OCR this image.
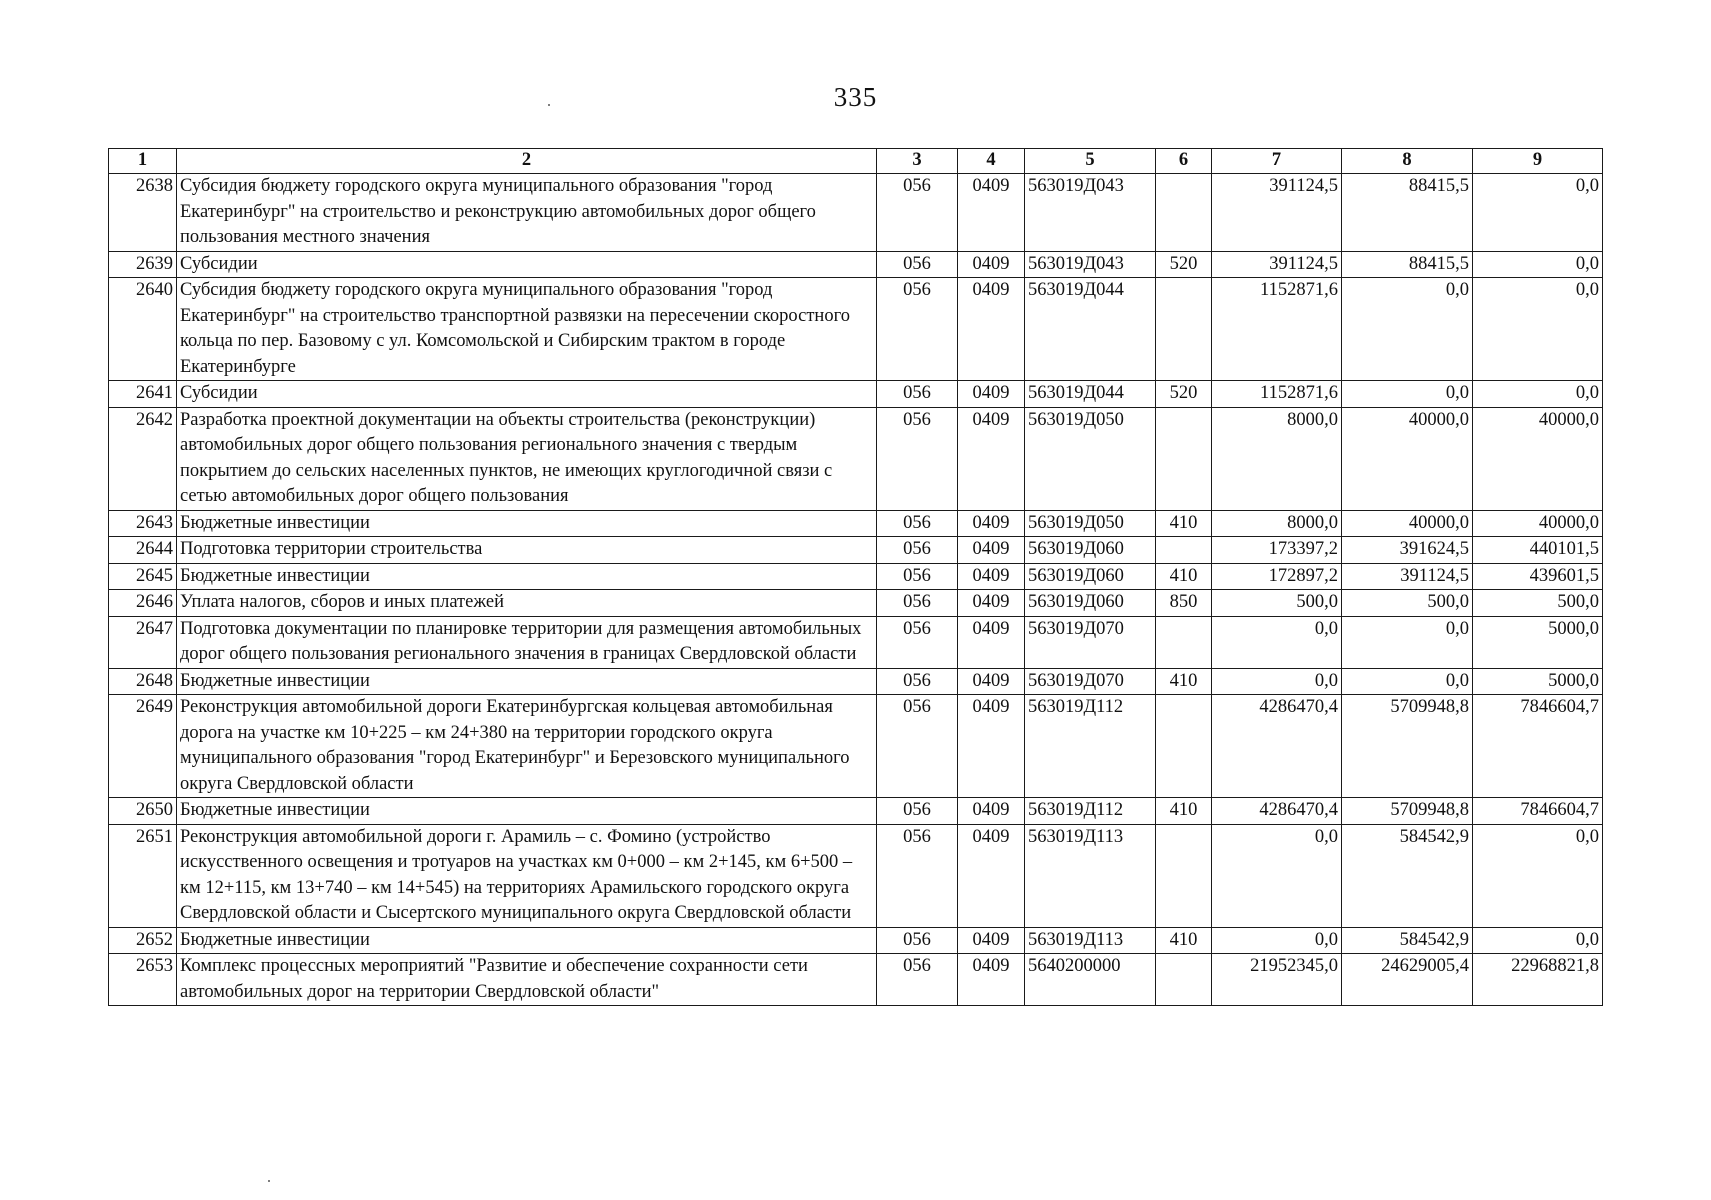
335
1	2	3	4	5	6	7	8	9
2638	Субсидия бюджету городского округа муниципального образования "город Екатеринбург" на строительство и реконструкцию автомобильных дорог общего пользования местного значения	056	0409	563019Д043		391124,5	88415,5	0,0
2639	Субсидии	056	0409	563019Д043	520	391124,5	88415,5	0,0
2640	Субсидия бюджету городского округа муниципального образования "город Екатеринбург" на строительство транспортной развязки на пересечении скоростного кольца по пер. Базовому с ул. Комсомольской и Сибирским трактом в городе Екатеринбурге	056	0409	563019Д044		1152871,6	0,0	0,0
2641	Субсидии	056	0409	563019Д044	520	1152871,6	0,0	0,0
2642	Разработка проектной документации на объекты строительства (реконструкции) автомобильных дорог общего пользования регионального значения с твердым покрытием до сельских населенных пунктов, не имеющих круглогодичной связи с сетью автомобильных дорог общего пользования	056	0409	563019Д050		8000,0	40000,0	40000,0
2643	Бюджетные инвестиции	056	0409	563019Д050	410	8000,0	40000,0	40000,0
2644	Подготовка территории строительства	056	0409	563019Д060		173397,2	391624,5	440101,5
2645	Бюджетные инвестиции	056	0409	563019Д060	410	172897,2	391124,5	439601,5
2646	Уплата налогов, сборов и иных платежей	056	0409	563019Д060	850	500,0	500,0	500,0
2647	Подготовка документации по планировке территории для размещения автомобильных дорог общего пользования регионального значения в границах Свердловской области	056	0409	563019Д070		0,0	0,0	5000,0
2648	Бюджетные инвестиции	056	0409	563019Д070	410	0,0	0,0	5000,0
2649	Реконструкция автомобильной дороги Екатеринбургская кольцевая автомобильная дорога на участке км 10+225 – км 24+380 на территории городского округа муниципального образования "город Екатеринбург" и Березовского муниципального округа Свердловской области	056	0409	563019Д112		4286470,4	5709948,8	7846604,7
2650	Бюджетные инвестиции	056	0409	563019Д112	410	4286470,4	5709948,8	7846604,7
2651	Реконструкция автомобильной дороги г. Арамиль – с. Фомино (устройство искусственного освещения и тротуаров на участках км 0+000 – км 2+145, км 6+500 – км 12+115, км 13+740 – км 14+545) на территориях Арамильского городского округа Свердловской области и Сысертского муниципального округа Свердловской области	056	0409	563019Д113		0,0	584542,9	0,0
2652	Бюджетные инвестиции	056	0409	563019Д113	410	0,0	584542,9	0,0
2653	Комплекс процессных мероприятий "Развитие и обеспечение сохранности сети автомобильных дорог на территории Свердловской области"	056	0409	5640200000		21952345,0	24629005,4	22968821,8
